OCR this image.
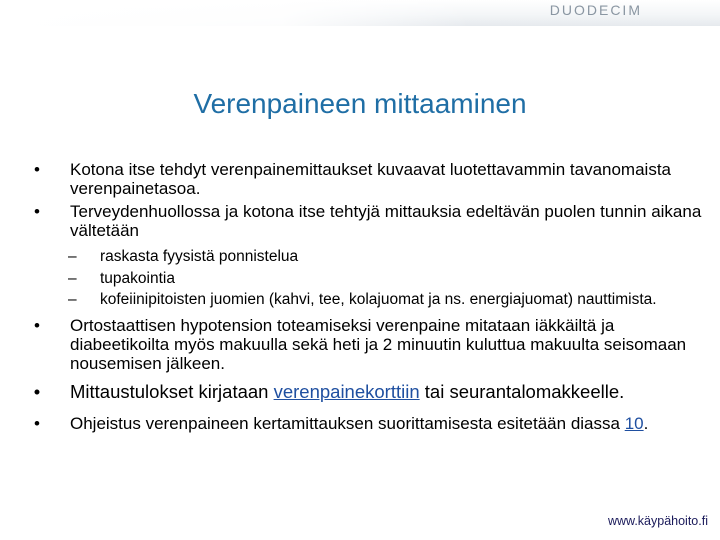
DUODECIM
Verenpaineen mittaaminen
• Kotona itse tehdyt verenpainemittaukset kuvaavat luotettavammin tavanomaista verenpainetasoa.
• Terveydenhuollossa ja kotona itse tehtyjä mittauksia edeltävän puolen tunnin aikana vältetään
– raskasta fyysistä ponnistelua
– tupakointia
– kofeiinipitoisten juomien (kahvi, tee, kolajuomat ja ns. energiajuomat) nauttimista.
• Ortostaattisen hypotension toteamiseksi verenpaine mitataan iäkkäiltä ja diabeetikoilta myös makuulla sekä heti ja 2 minuutin kuluttua makuulta seisomaan nousemisen jälkeen.
• Mittaustulokset kirjataan verenpainekorttiin tai seurantalomakkeelle.
• Ohjeistus verenpaineen kertamittauksen suorittamisesta esitetään diassa 10.
www.käypähoito.fi
